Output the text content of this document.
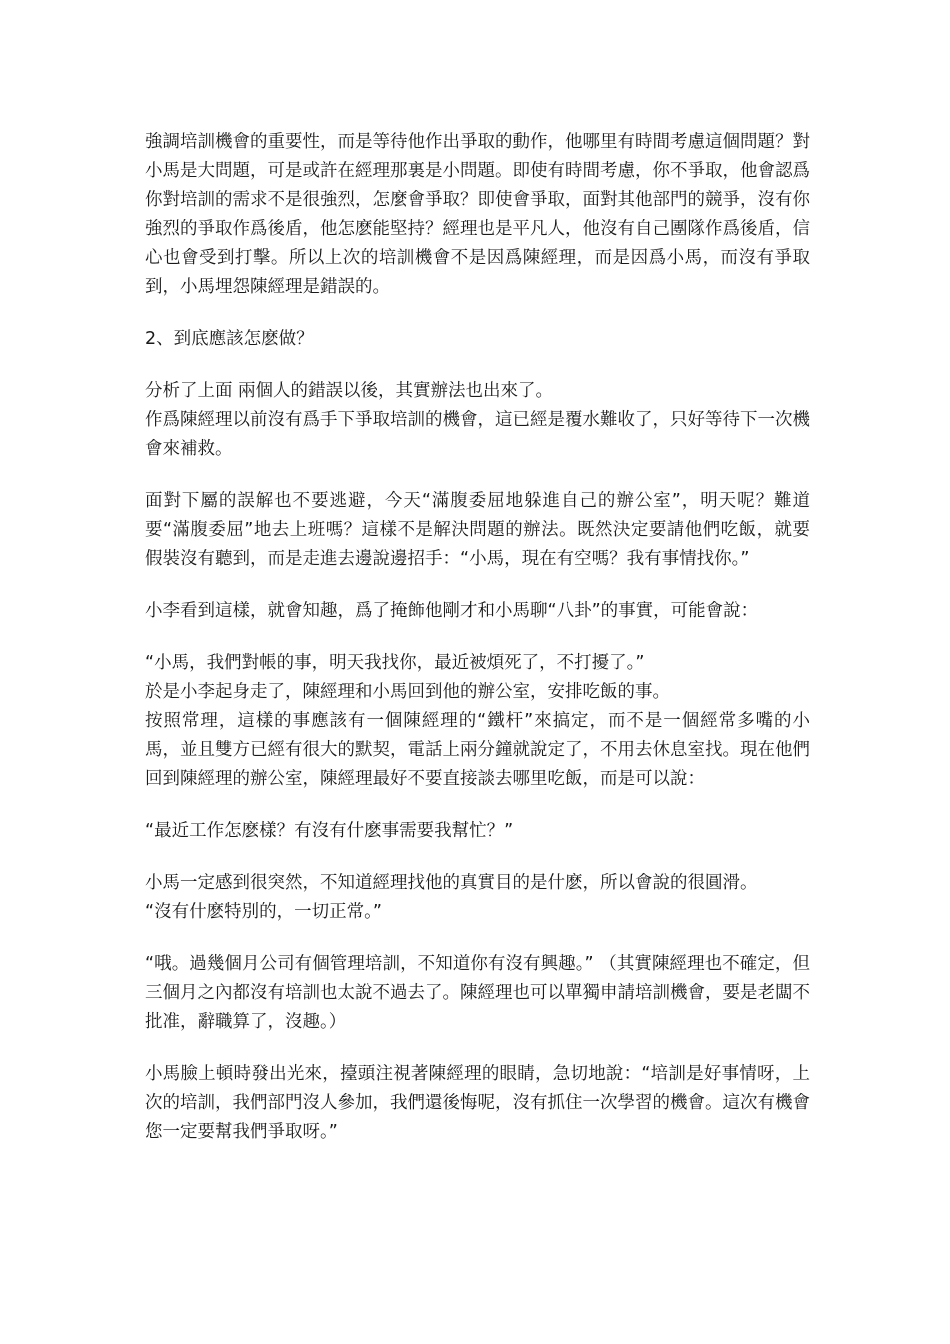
強調培訓機會的重要性，而是等待他作出爭取的動作，他哪里有時間考慮這個問題？對小馬是大問題，可是或許在經理那裏是小問題。即使有時間考慮，你不爭取，他會認爲你對培訓的需求不是很強烈，怎麼會爭取？即使會爭取，面對其他部門的競爭，沒有你強烈的爭取作爲後盾，他怎麽能堅持？經理也是平凡人，他沒有自己團隊作爲後盾，信心也會受到打擊。所以上次的培訓機會不是因爲陳經理，而是因爲小馬，而沒有爭取到，小馬埋怨陳經理是錯誤的。

2、到底應該怎麽做？

分析了上面 兩個人的錯誤以後，其實辦法也出來了。

作爲陳經理以前沒有爲手下爭取培訓的機會，這已經是覆水難收了，只好等待下一次機會來補救。

面對下屬的誤解也不要逃避，今天“滿腹委屈地躲進自己的辦公室”，明天呢？難道要“滿腹委屈”地去上班嗎？這樣不是解決問題的辦法。既然決定要請他們吃飯，就要假裝沒有聽到，而是走進去邊說邊招手：“小馬，現在有空嗎？我有事情找你。”

小李看到這樣，就會知趣，爲了掩飾他剛才和小馬聊“八卦”的事實，可能會說：

“小馬，我們對帳的事，明天我找你，最近被煩死了，不打擾了。”

於是小李起身走了，陳經理和小馬回到他的辦公室，安排吃飯的事。

按照常理，這樣的事應該有一個陳經理的“鐵杆”來搞定，而不是一個經常多嘴的小馬，並且雙方已經有很大的默契，電話上兩分鐘就說定了，不用去休息室找。現在他們回到陳經理的辦公室，陳經理最好不要直接談去哪里吃飯，而是可以說：

“最近工作怎麽樣？有沒有什麽事需要我幫忙？”

小馬一定感到很突然，不知道經理找他的真實目的是什麽，所以會說的很圓滑。

“沒有什麽特別的，一切正常。”

“哦。過幾個月公司有個管理培訓，不知道你有沒有興趣。” （其實陳經理也不確定，但三個月之內都沒有培訓也太說不過去了。陳經理也可以單獨申請培訓機會，要是老闆不批准，辭職算了，沒趣。）

小馬臉上頓時發出光來，擡頭注視著陳經理的眼睛，急切地說：“培訓是好事情呀，上次的培訓，我們部門沒人參加，我們還後悔呢，沒有抓住一次學習的機會。這次有機會您一定要幫我們爭取呀。”
